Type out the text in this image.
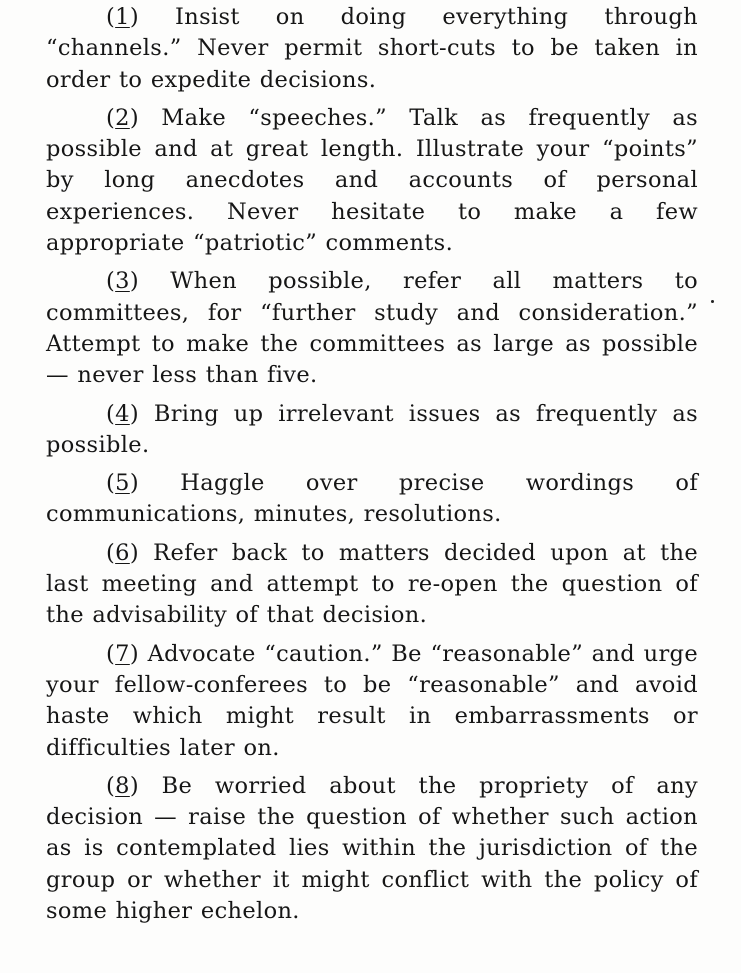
(1) Insist on doing everything through “channels.” Never permit short-cuts to be taken in order to expedite decisions.

(2) Make “speeches.” Talk as frequently as possible and at great length. Illustrate your “points” by long anecdotes and accounts of personal experiences. Never hesitate to make a few appropriate “patriotic” comments.

(3) When possible, refer all matters to committees, for “further study and consideration.” Attempt to make the committees as large as possible — never less than five.

(4) Bring up irrelevant issues as frequently as possible.

(5) Haggle over precise wordings of communications, minutes, resolutions.

(6) Refer back to matters decided upon at the last meeting and attempt to re-open the question of the advisability of that decision.

(7) Advocate “caution.” Be “reasonable” and urge your fellow-conferees to be “reasonable” and avoid haste which might result in embarrassments or difficulties later on.

(8) Be worried about the propriety of any decision — raise the question of whether such action as is contemplated lies within the jurisdiction of the group or whether it might conflict with the policy of some higher echelon.
